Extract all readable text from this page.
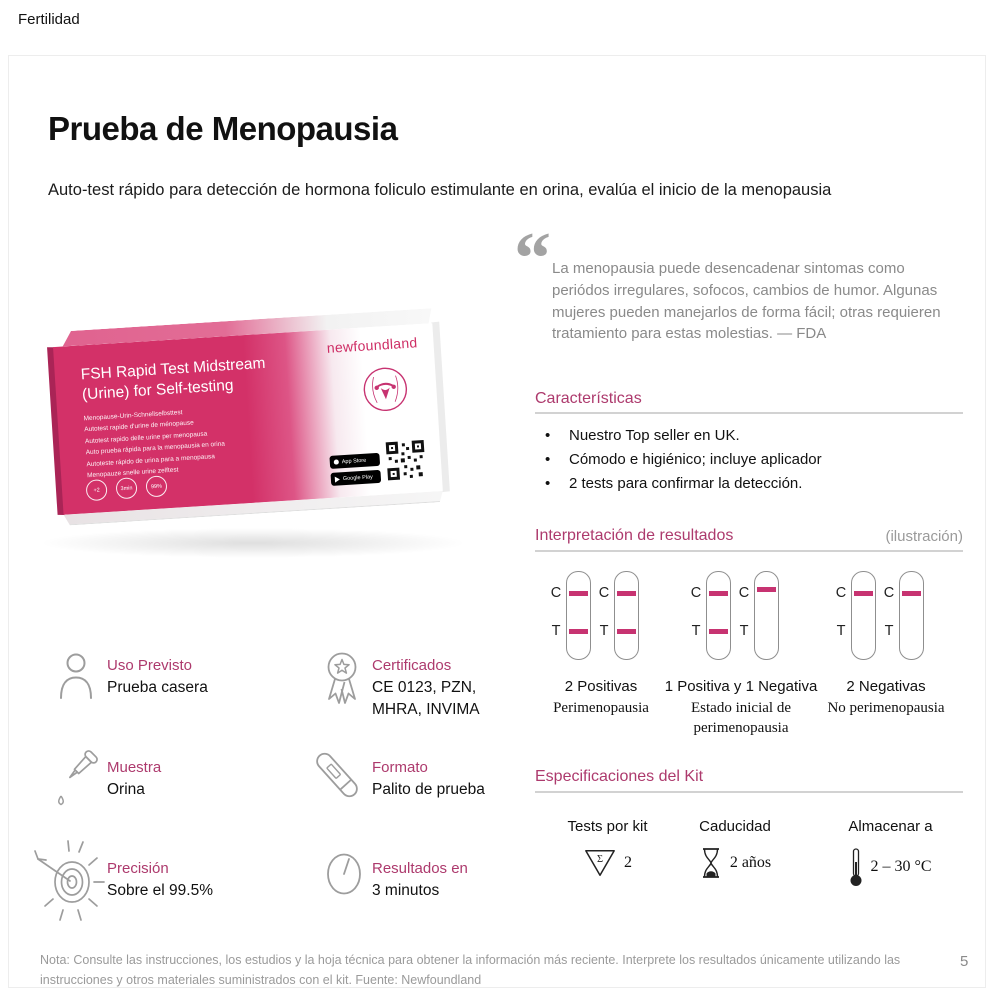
Fertilidad
Prueba de Menopausia
Auto-test rápido para detección de hormona foliculo estimulante en orina, evalúa el inicio de la menopausia
FSH Rapid Test Midstream (Urine) for Self-testing
Menopause-Urin-Schnellselbsttest
Autotest rapide d'urine de ménopause
Autotest rapido delle urine per menopausa
Auto prueba rápida para la menopausia en orina
Autoteste rápido de urina para a menopausa
Menopauze snelle urine zelftest
+2	3min	99%
newfoundland
App Store
Google Play
“ La menopausia puede desencadenar sintomas como periódos irregulares, sofocos, cambios de humor. Algunas mujeres pueden manejarlos de forma fácil; otras requieren tratamiento para estas molestias. — FDA
Características
• Nuestro Top seller en UK.
• Cómodo e higiénico; incluye aplicador
• 2 tests para confirmar la detección.
Interpretación de resultados	(ilustración)
C
T
C
T
C
T
C
T
C
T
C
T
2 Positivas
Perimenopausia
1 Positiva y 1 Negativa
Estado inicial de perimenopausia
2 Negativas
No perimenopausia
Especificaciones del Kit
Tests por kit
Σ 2
Caducidad
2 años
Almacenar a
2 – 30 °C
Uso Previsto
Prueba casera
Certificados
CE 0123, PZN, MHRA, INVIMA
Muestra
Orina
Formato
Palito de prueba
Precisión
Sobre el 99.5%
Resultados en
3 minutos
Nota: Consulte las instrucciones, los estudios y la hoja técnica para obtener la información más reciente. Interprete los resultados únicamente utilizando las instrucciones y otros materiales suministrados con el kit. Fuente: Newfoundland
5
